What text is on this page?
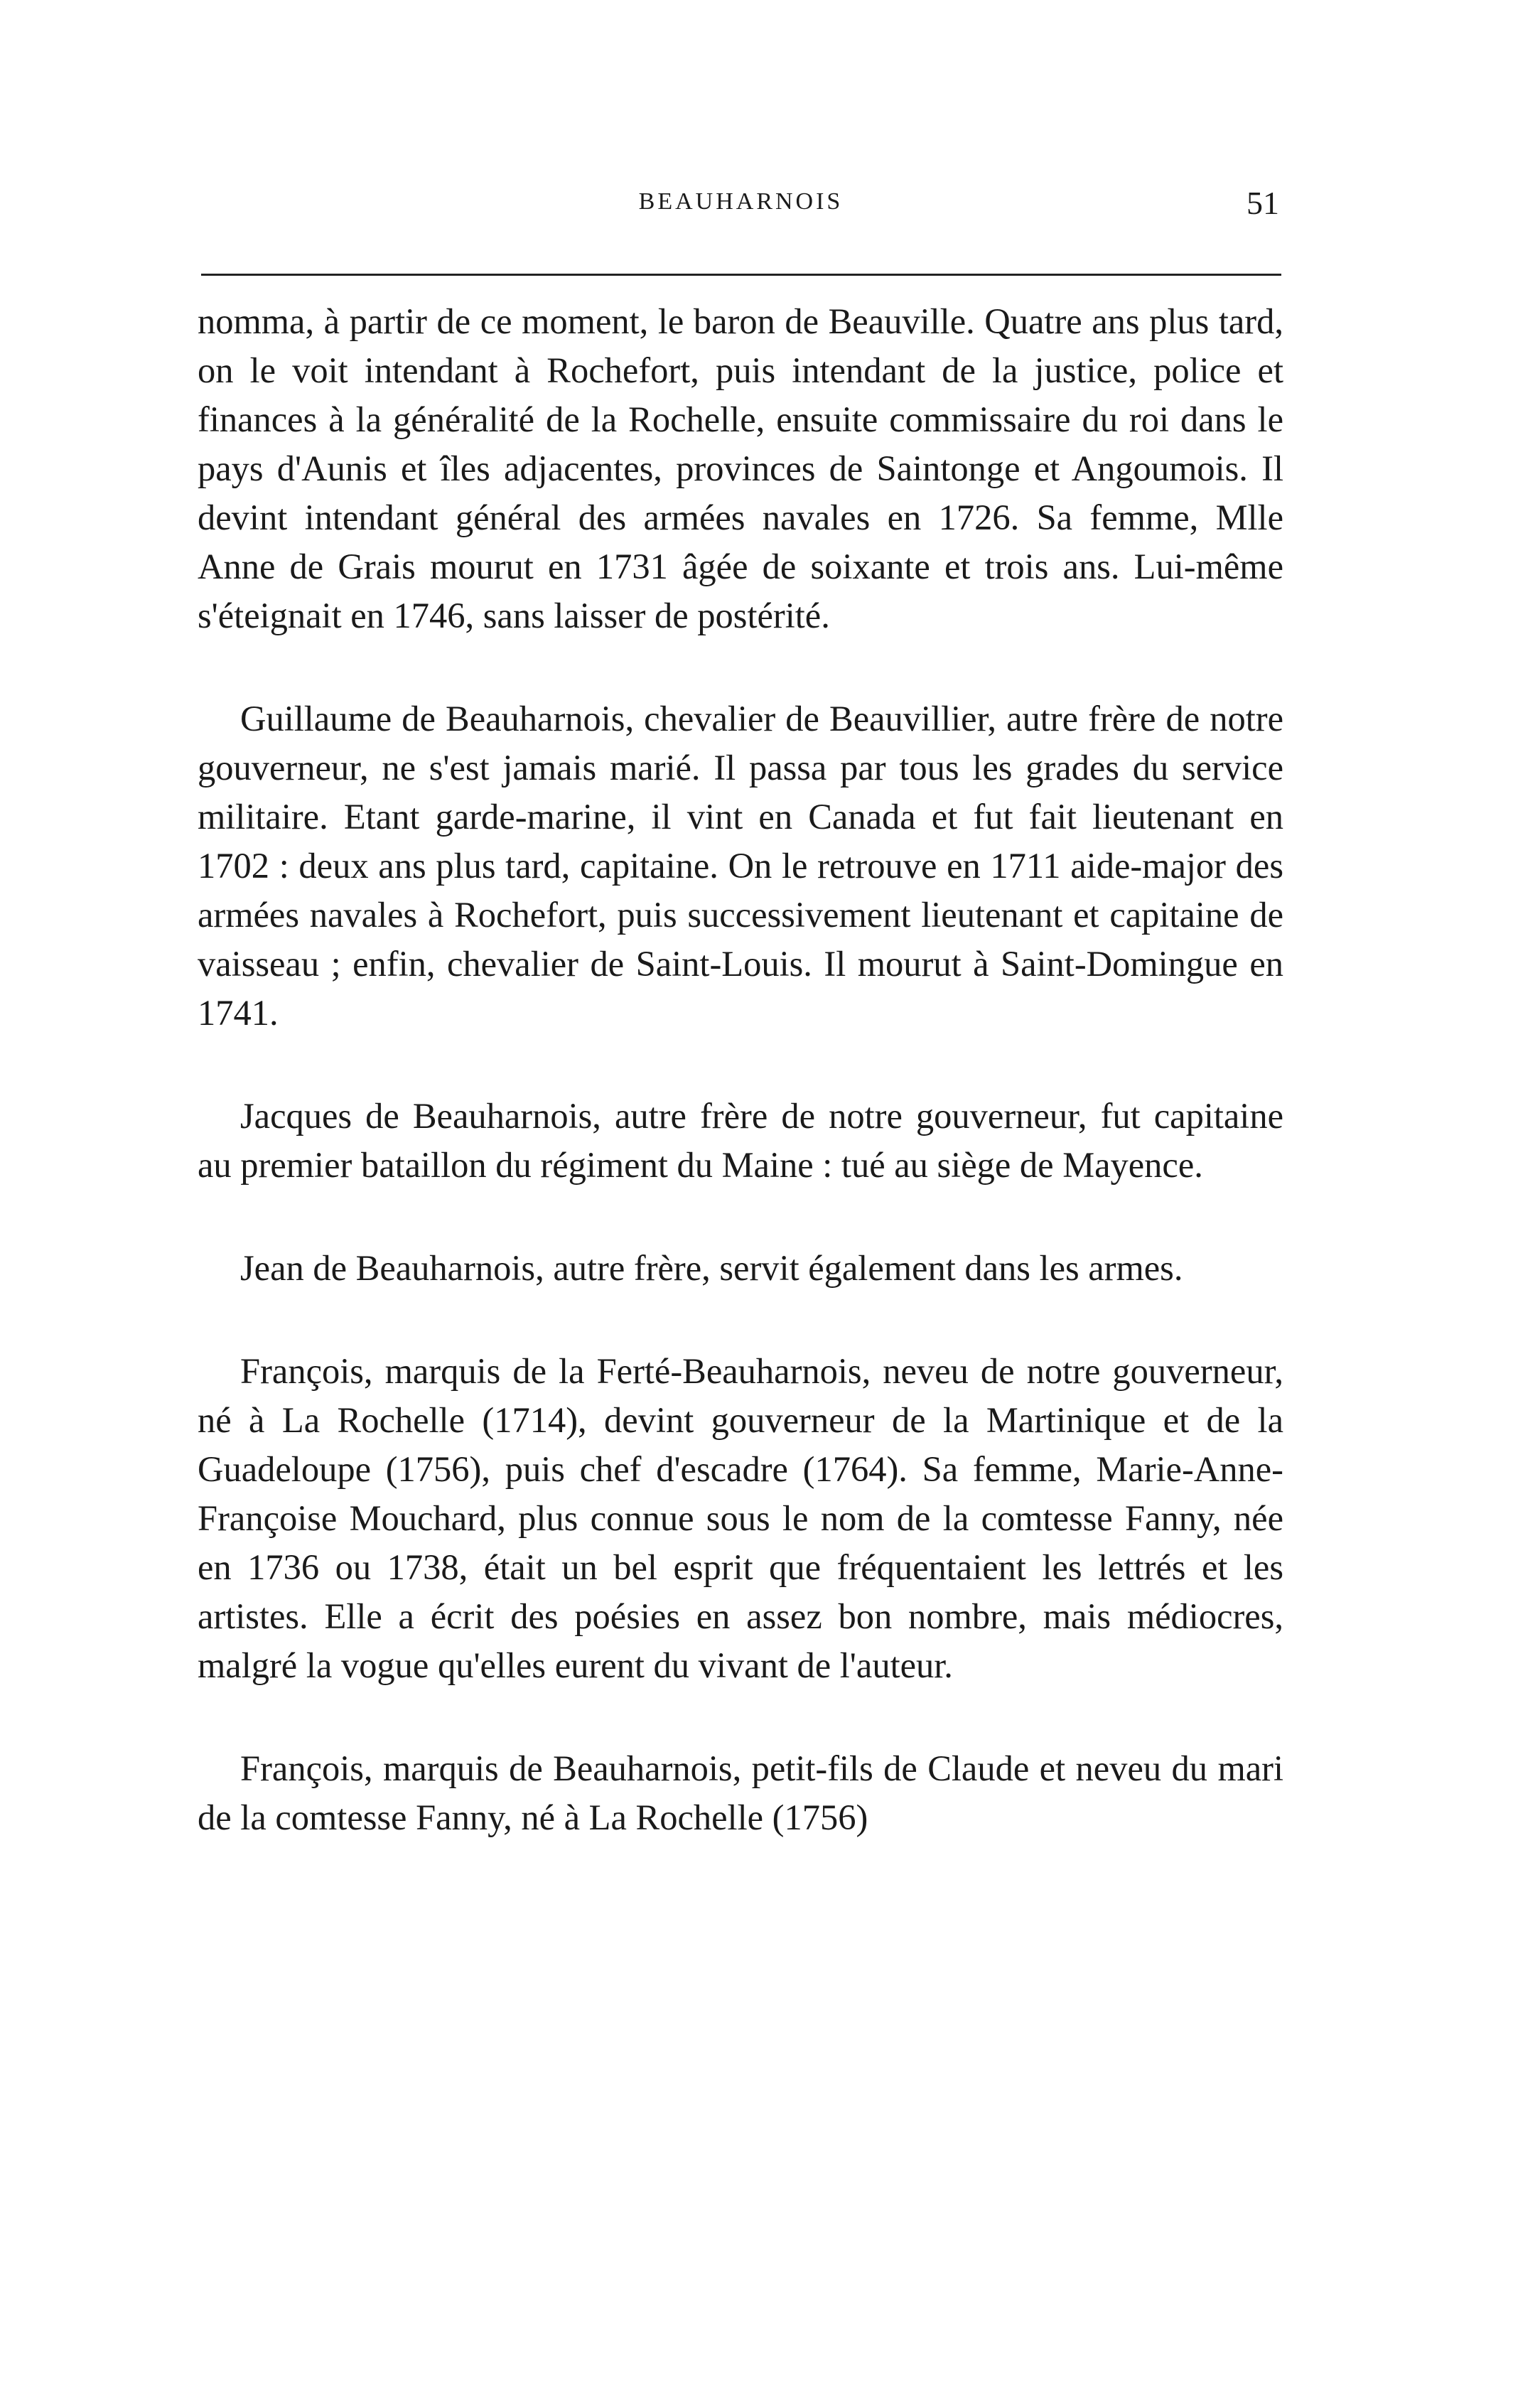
BEAUHARNOIS	51

nomma, à partir de ce moment, le baron de Beauville. Quatre ans plus tard, on le voit intendant à Rochefort, puis intendant de la justice, police et finances à la généralité de la Rochelle, ensuite commissaire du roi dans le pays d'Aunis et îles adjacentes, provinces de Saintonge et Angoumois. Il devint intendant général des armées navales en 1726. Sa femme, Mlle Anne de Grais mourut en 1731 âgée de soixante et trois ans. Lui-même s'éteignait en 1746, sans laisser de postérité.

Guillaume de Beauharnois, chevalier de Beauvillier, autre frère de notre gouverneur, ne s'est jamais marié. Il passa par tous les grades du service militaire. Etant garde-marine, il vint en Canada et fut fait lieutenant en 1702 : deux ans plus tard, capitaine. On le retrouve en 1711 aide-major des armées navales à Rochefort, puis successivement lieutenant et capitaine de vaisseau ; enfin, chevalier de Saint-Louis. Il mourut à Saint-Domingue en 1741.

Jacques de Beauharnois, autre frère de notre gouverneur, fut capitaine au premier bataillon du régiment du Maine : tué au siège de Mayence.

Jean de Beauharnois, autre frère, servit également dans les armes.

François, marquis de la Ferté-Beauharnois, neveu de notre gouverneur, né à La Rochelle (1714), devint gouverneur de la Martinique et de la Guadeloupe (1756), puis chef d'escadre (1764). Sa femme, Marie-Anne-Françoise Mouchard, plus connue sous le nom de la comtesse Fanny, née en 1736 ou 1738, était un bel esprit que fréquentaient les lettrés et les artistes. Elle a écrit des poésies en assez bon nombre, mais médiocres, malgré la vogue qu'elles eurent du vivant de l'auteur.

François, marquis de Beauharnois, petit-fils de Claude et neveu du mari de la comtesse Fanny, né à La Rochelle (1756)
